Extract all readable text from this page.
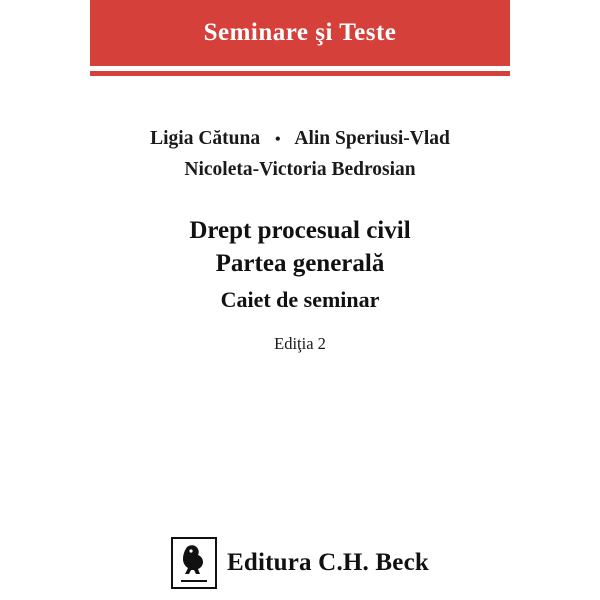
Seminare şi Teste
Ligia Cătuna • Alin Speriusi-Vlad
Nicoleta-Victoria Bedrosian
Drept procesual civil
Partea generală
Caiet de seminar
Ediţia 2
Editura C.H. Beck
